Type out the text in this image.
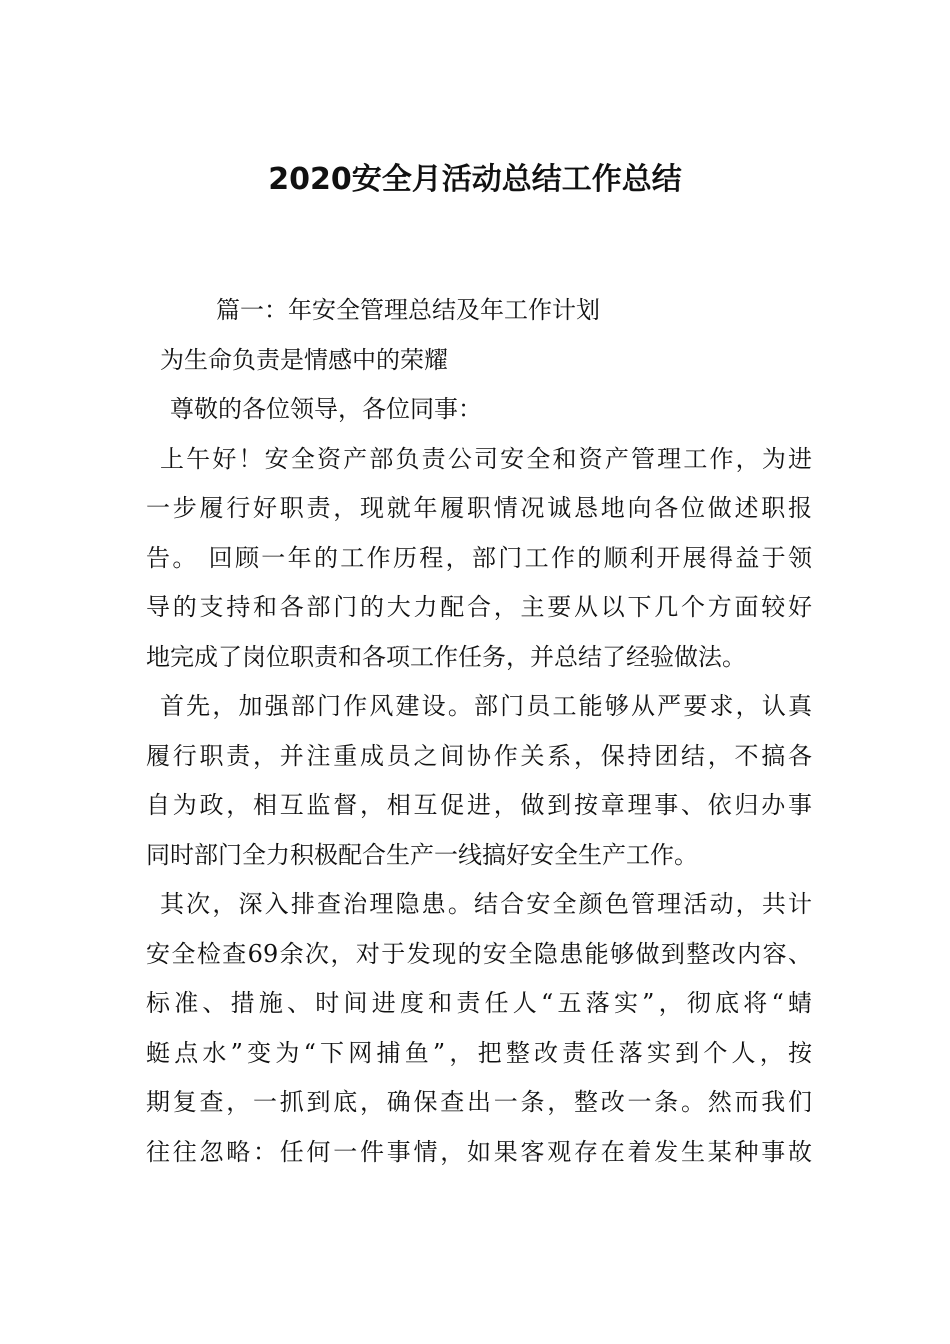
2020安全月活动总结工作总结
篇一：年安全管理总结及年工作计划
为生命负责是情感中的荣耀
尊敬的各位领导，各位同事：
上午好！安全资产部负责公司安全和资产管理工作，为进
一步履行好职责，现就年履职情况诚恳地向各位做述职报
告。 回顾一年的工作历程，部门工作的顺利开展得益于领
导的支持和各部门的大力配合，主要从以下几个方面较好
地完成了岗位职责和各项工作任务，并总结了经验做法。
首先，加强部门作风建设。部门员工能够从严要求，认真
履行职责，并注重成员之间协作关系，保持团结，不搞各
自为政，相互监督，相互促进，做到按章理事、依归办事
同时部门全力积极配合生产一线搞好安全生产工作。
其次，深入排查治理隐患。结合安全颜色管理活动，共计
安全检查69余次，对于发现的安全隐患能够做到整改内容、
标准、措施、时间进度和责任人“五落实”，彻底将“蜻
蜓点水”变为“下网捕鱼”，把整改责任落实到个人，按
期复查，一抓到底，确保查出一条，整改一条。然而我们
往往忽略：任何一件事情，如果客观存在着发生某种事故
